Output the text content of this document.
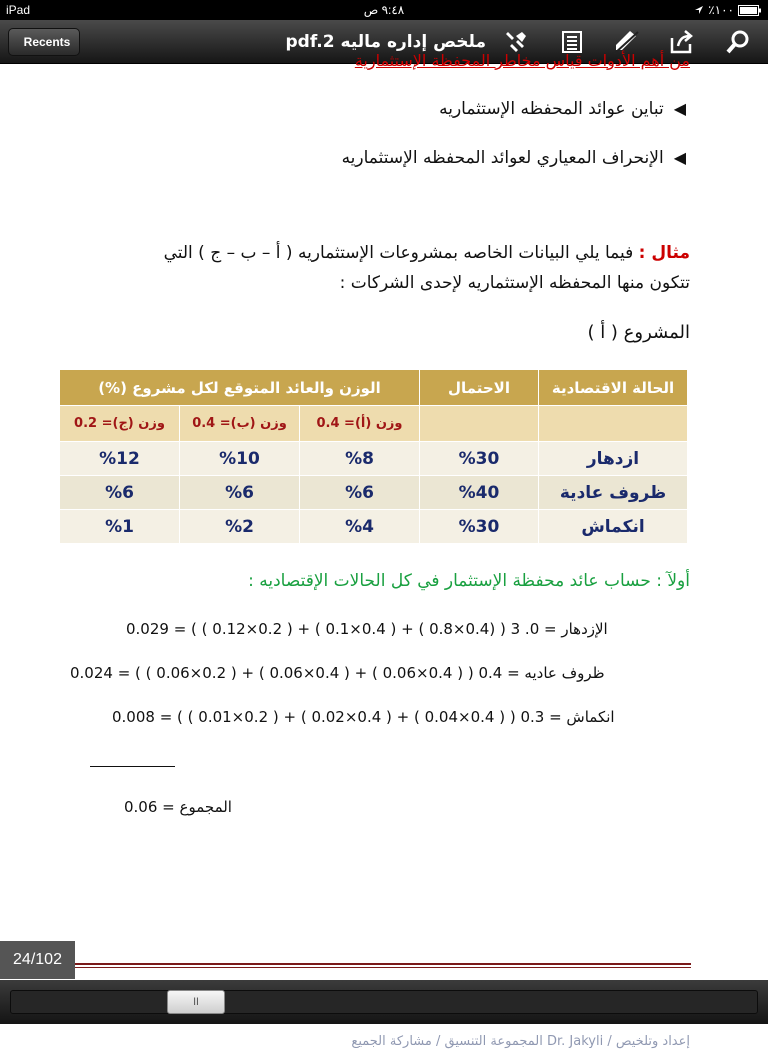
iPad	٩:٤٨ ص	٪١٠٠
Recents	ملخص إداره ماليه pdf.2
من أهم الأدوات قياس مخاطر المحفظة الإستثمارية
◀تباين عوائد المحفظه الإستثماريه
◀الإنحراف المعياري لعوائد المحفظه الإستثماريه
مثال : فيما يلي البيانات الخاصه بمشروعات الإستثماريه ( أ – ب – ج ) التي
تتكون منها المحفظه الإستثماريه لإحدى الشركات :
المشروع ( أ )
الحالة الاقتصادية	الاحتمال	الوزن والعائد المتوقع لكل مشروع (%)		
		وزن (أ)= 0.4	وزن (ب)= 0.4	وزن (ج)= 0.2
ازدهار	%30	%8	%10	%12
ظروف عادية	%40	%6	%6	%6
انكماش	%30	%4	%2	%1
أولآ : حساب عائد محفظة الإستثمار في كل الحالات الإقتصاديه :
0.029 = ( ( 0.12×0.2 ) + ( 0.1×0.4 ) + ( 0.8×0.4) ) الإزدهار = 0. 3
0.024 = ( ( 0.06×0.2 ) + ( 0.06×0.4 ) + ( 0.06×0.4 ) ) ظروف عاديه = 0.4
0.008 = ( ( 0.01×0.2 ) + ( 0.02×0.4 ) + ( 0.04×0.4 ) ) انكماش = 0.3
المجموع = 0.06
إعداد وتلخيص / Dr. Jakyli المجموعة التنسيق / مشاركة الجميع
24/102
ll
